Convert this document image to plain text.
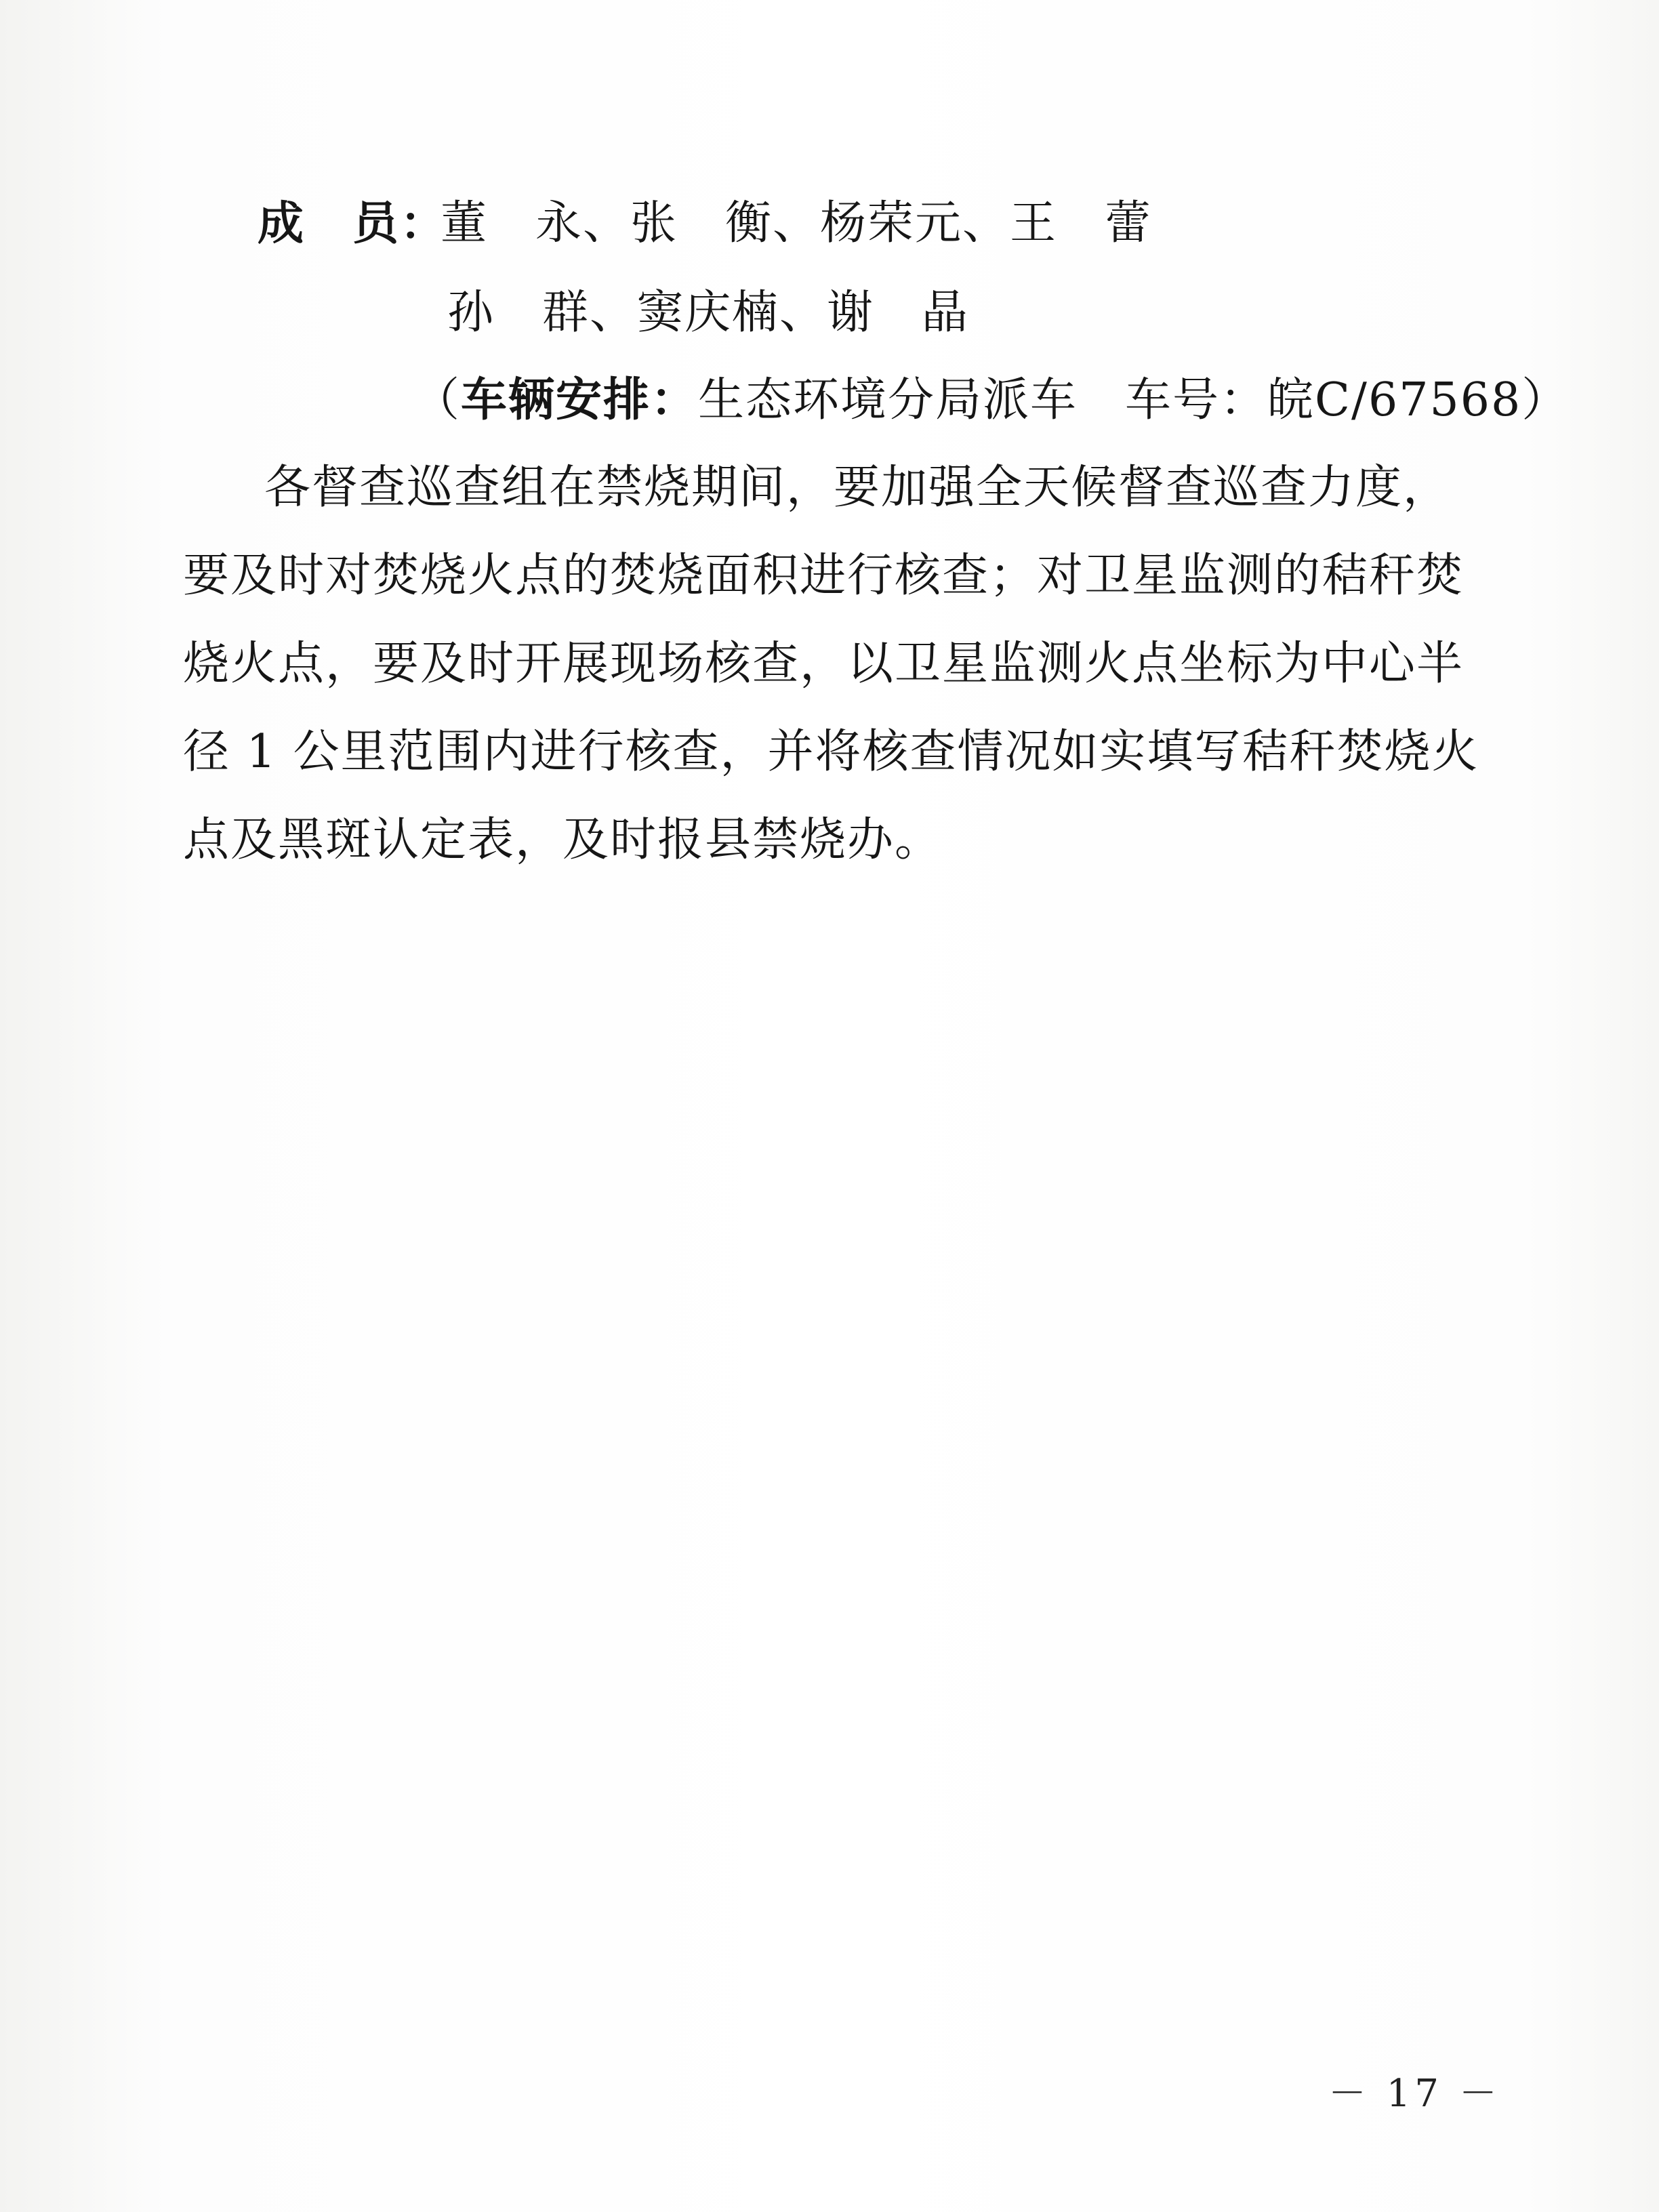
成　员：
董　永、张　衡、杨荣元、王　蕾
孙　群、窦庆楠、谢　晶
（车辆安排：生态环境分局派车　车号：皖C/67568）
各督查巡查组在禁烧期间，要加强全天候督查巡查力度，
要及时对焚烧火点的焚烧面积进行核查；对卫星监测的秸秆焚
烧火点，要及时开展现场核查，以卫星监测火点坐标为中心半
径 1 公里范围内进行核查，并将核查情况如实填写秸秆焚烧火
点及黑斑认定表，及时报县禁烧办。
－ 17 －
